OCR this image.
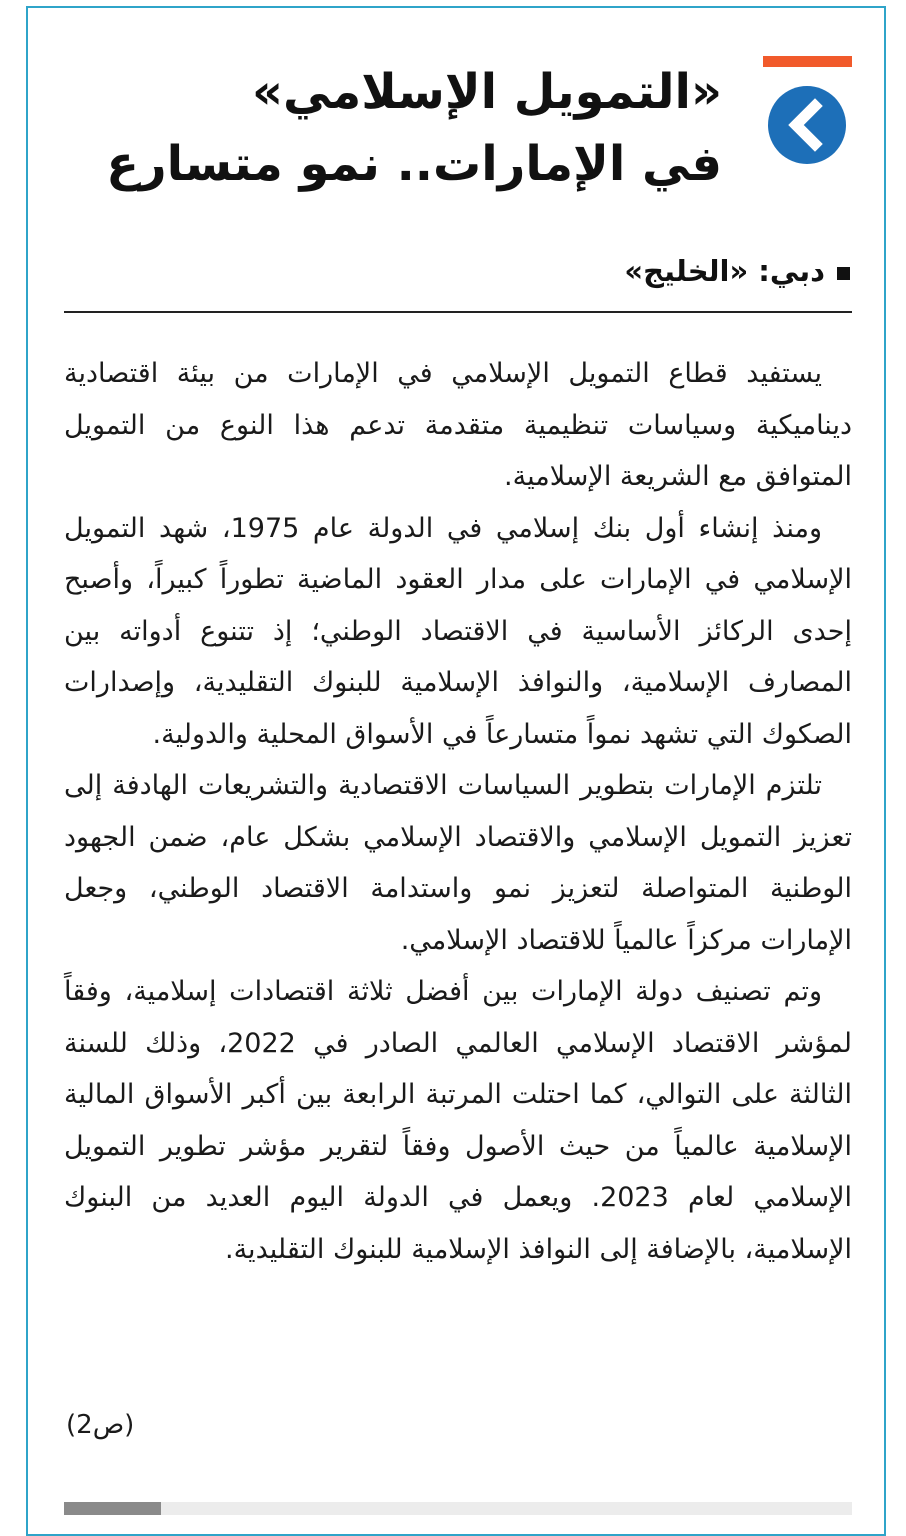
«التمويل الإسلامي»
في الإمارات.. نمو متسارع
دبي: «الخليج»

يستفيد قطاع التمويل الإسلامي في الإمارات من بيئة اقتصادية ديناميكية وسياسات تنظيمية متقدمة تدعم هذا النوع من التمويل المتوافق مع الشريعة الإسلامية.

ومنذ إنشاء أول بنك إسلامي في الدولة عام 1975، شهد التمويل الإسلامي في الإمارات على مدار العقود الماضية تطوراً كبيراً، وأصبح إحدى الركائز الأساسية في الاقتصاد الوطني؛ إذ تتنوع أدواته بين المصارف الإسلامية، والنوافذ الإسلامية للبنوك التقليدية، وإصدارات الصكوك التي تشهد نمواً متسارعاً في الأسواق المحلية والدولية.

تلتزم الإمارات بتطوير السياسات الاقتصادية والتشريعات الهادفة إلى تعزيز التمويل الإسلامي والاقتصاد الإسلامي بشكل عام، ضمن الجهود الوطنية المتواصلة لتعزيز نمو واستدامة الاقتصاد الوطني، وجعل الإمارات مركزاً عالمياً للاقتصاد الإسلامي.

وتم تصنيف دولة الإمارات بين أفضل ثلاثة اقتصادات إسلامية، وفقاً لمؤشر الاقتصاد الإسلامي العالمي الصادر في 2022، وذلك للسنة الثالثة على التوالي، كما احتلت المرتبة الرابعة بين أكبر الأسواق المالية الإسلامية عالمياً من حيث الأصول وفقاً لتقرير مؤشر تطوير التمويل الإسلامي لعام 2023. ويعمل في الدولة اليوم العديد من البنوك الإسلامية، بالإضافة إلى النوافذ الإسلامية للبنوك التقليدية.

(ص2)
